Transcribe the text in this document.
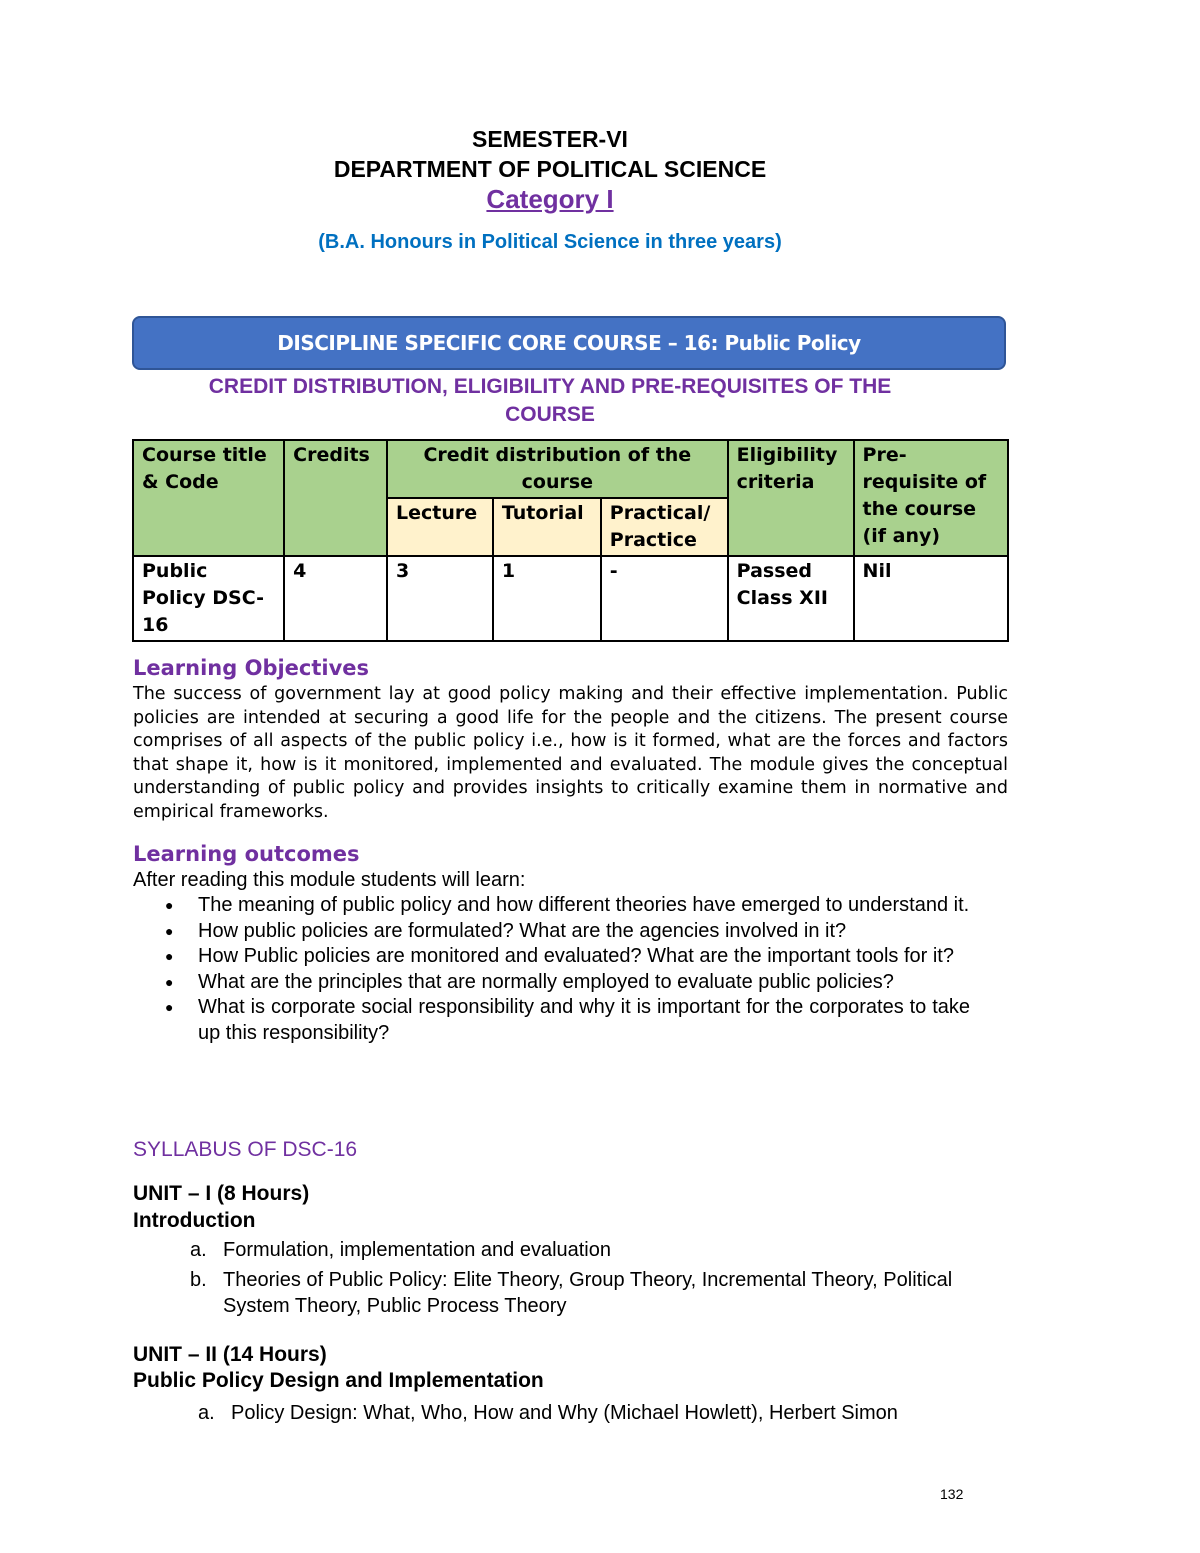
SEMESTER-VI
DEPARTMENT OF POLITICAL SCIENCE
Category I
(B.A. Honours in Political Science in three years)
DISCIPLINE SPECIFIC CORE COURSE – 16: Public Policy
CREDIT DISTRIBUTION, ELIGIBILITY AND PRE-REQUISITES OF THE
COURSE
Course title & Code	Credits	Credit distribution of the course			Eligibility criteria	Pre-requisite of the course (if any)
		Lecture	Tutorial	Practical/ Practice		
Public Policy DSC-16	4	3	1	-	Passed Class XII	Nil
Learning Objectives
The success of government lay at good policy making and their effective implementation. Public policies are intended at securing a good life for the people and the citizens. The present course comprises of all aspects of the public policy i.e., how is it formed, what are the forces and factors that shape it, how is it monitored, implemented and evaluated. The module gives the conceptual understanding of public policy and provides insights to critically examine them in normative and empirical frameworks.
Learning outcomes
After reading this module students will learn:
● The meaning of public policy and how different theories have emerged to understand it.
● How public policies are formulated? What are the agencies involved in it?
● How Public policies are monitored and evaluated? What are the important tools for it?
● What are the principles that are normally employed to evaluate public policies?
● What is corporate social responsibility and why it is important for the corporates to take up this responsibility?
SYLLABUS OF DSC-16
UNIT – I (8 Hours)
Introduction
a. Formulation, implementation and evaluation
b. Theories of Public Policy: Elite Theory, Group Theory, Incremental Theory, Political System Theory, Public Process Theory
UNIT – II (14 Hours)
Public Policy Design and Implementation
a. Policy Design: What, Who, How and Why (Michael Howlett), Herbert Simon
132
